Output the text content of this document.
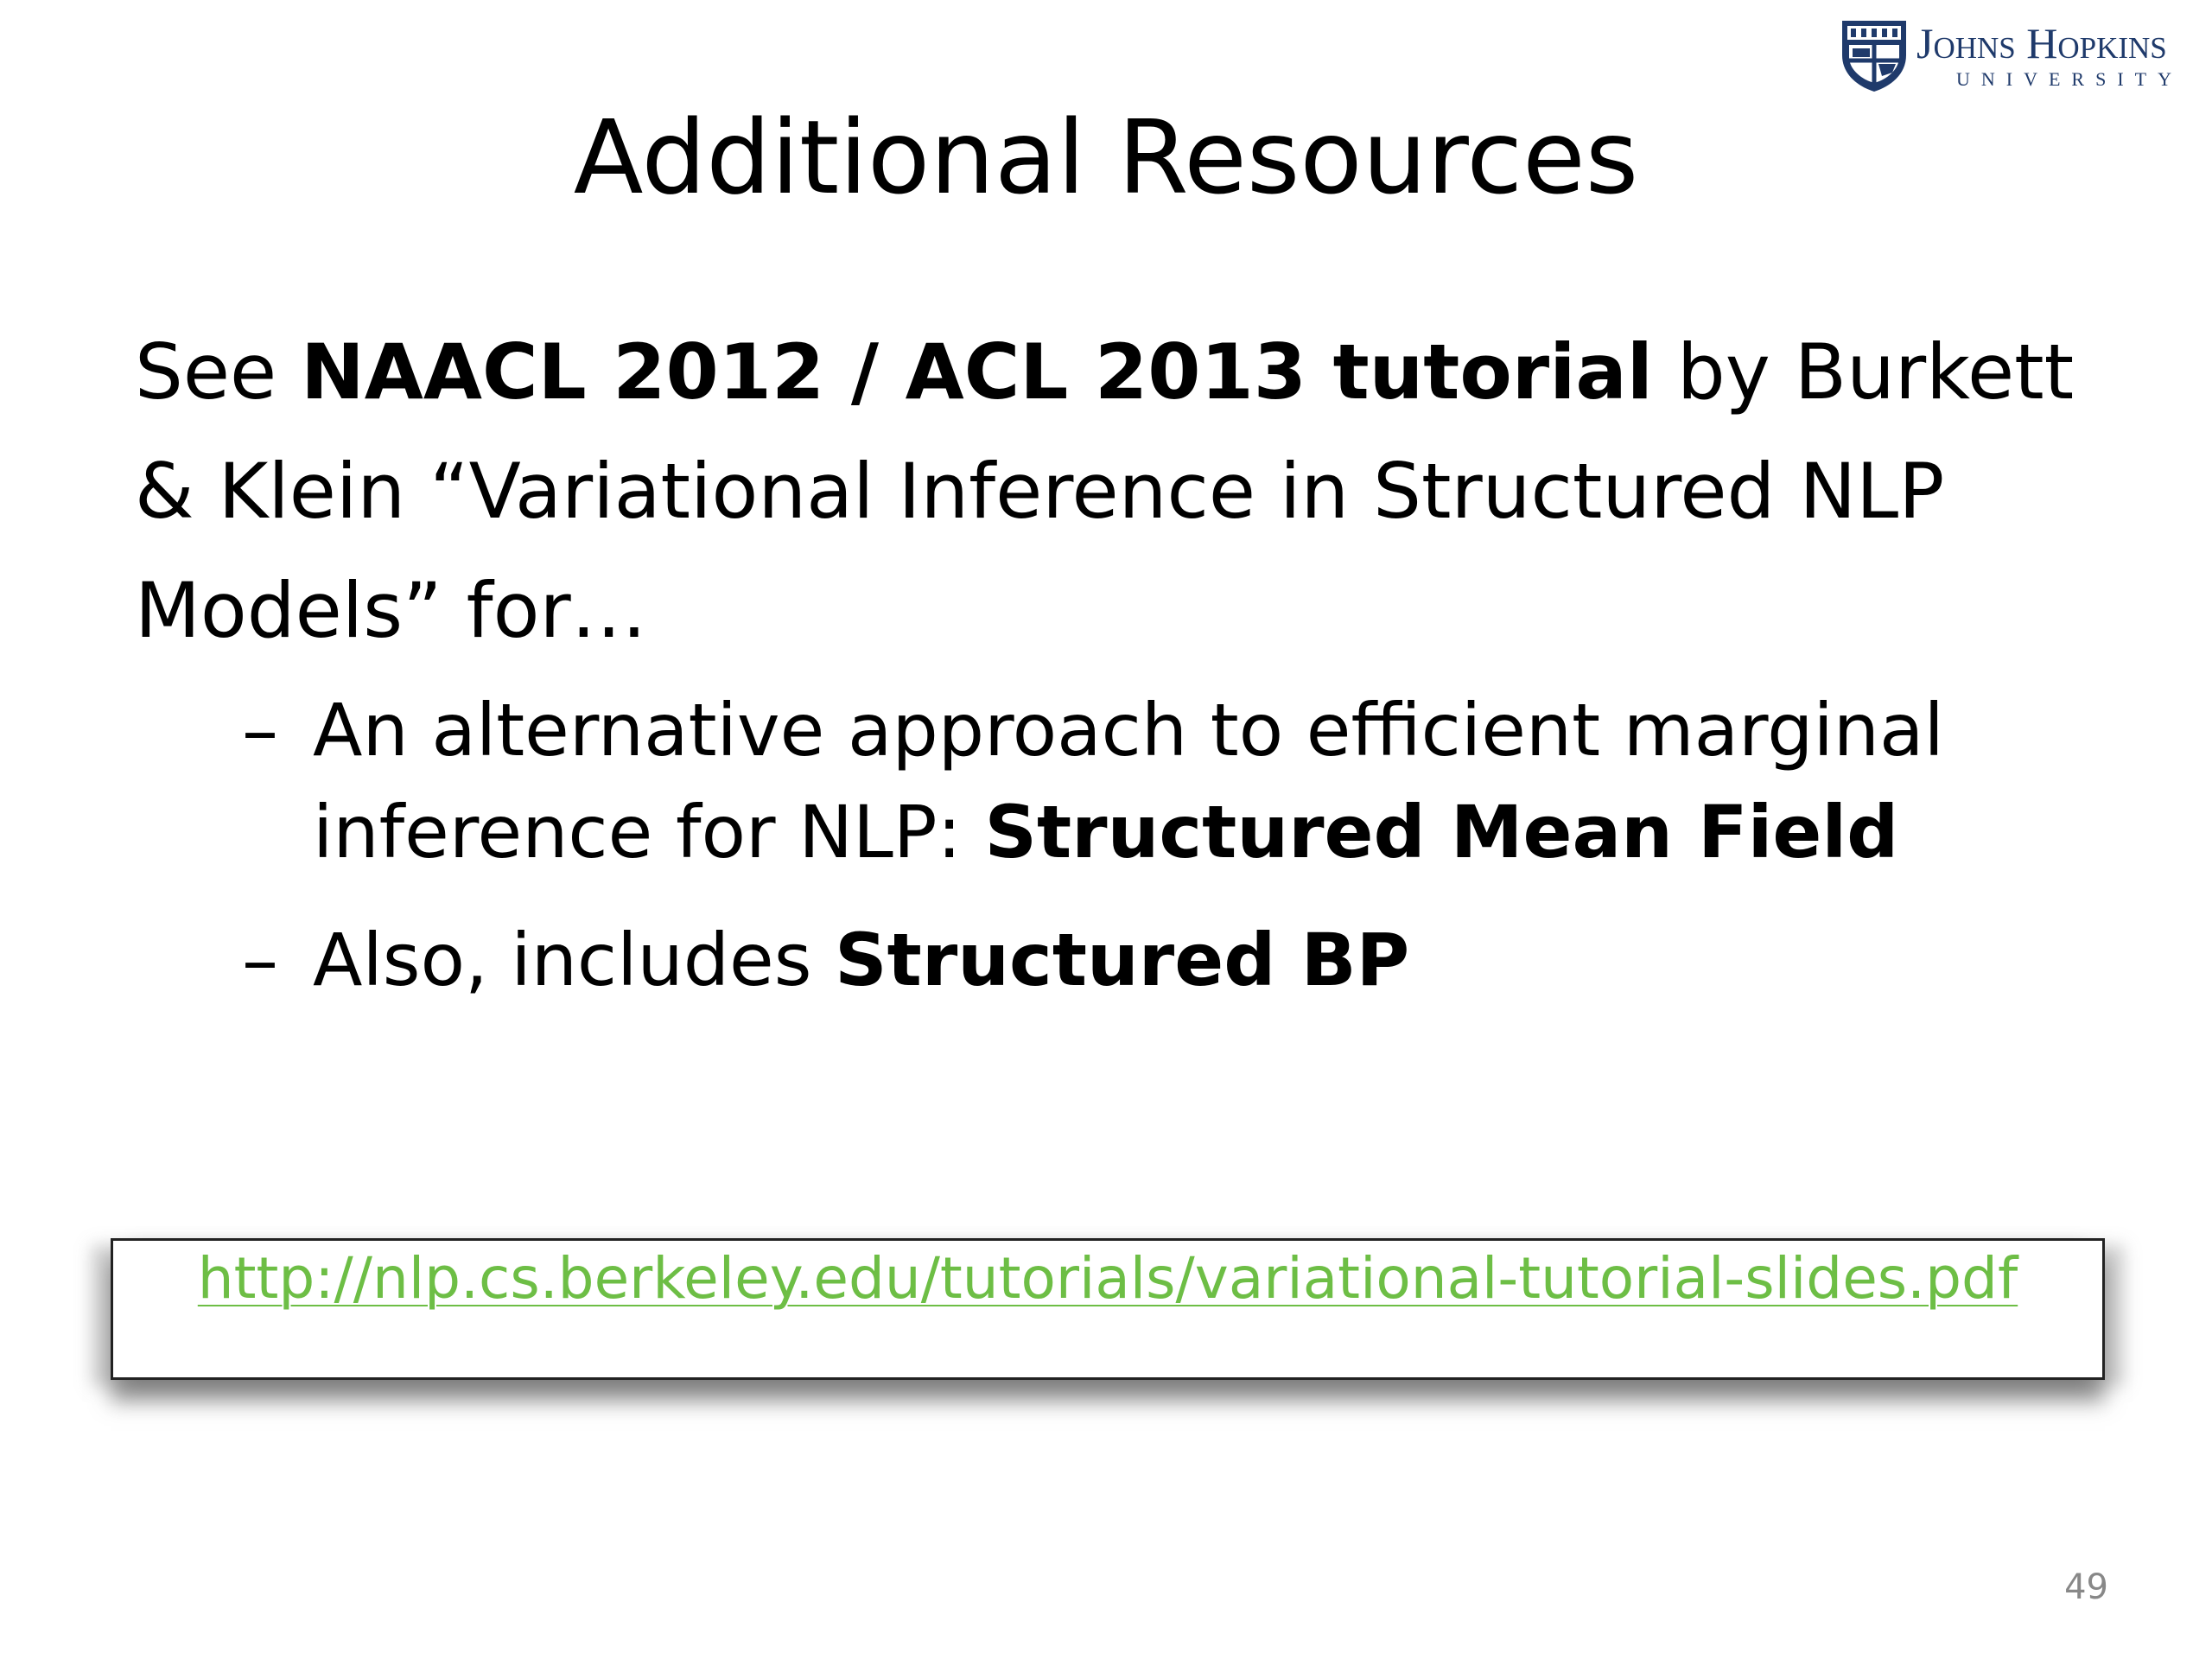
Johns Hopkins
UNIVERSITY
Additional Resources
See NAACL 2012 / ACL 2013 tutorial by Burkett & Klein “Variational Inference in Structured NLP Models” for…
– An alternative approach to efficient marginal inference for NLP: Structured Mean Field
– Also, includes Structured BP
http://nlp.cs.berkeley.edu/tutorials/variational-tutorial-slides.pdf
49
